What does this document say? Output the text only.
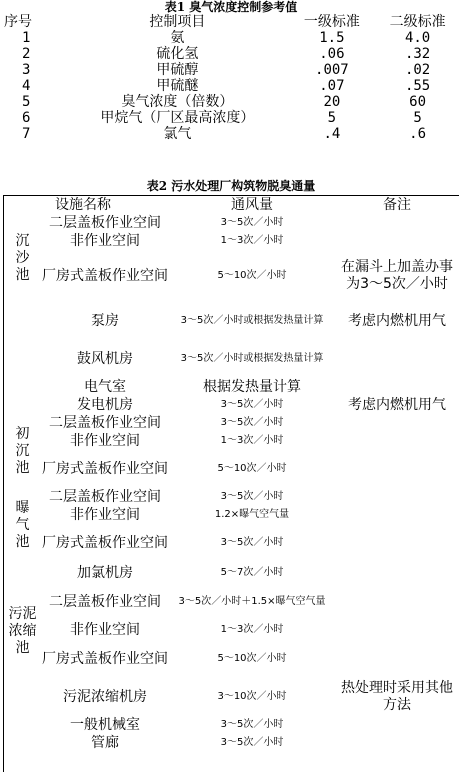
表1 臭气浓度控制参考值
序号	控制项目	一级标准	二级标准
1	氨	1.5	4.0
2	硫化氢	.06	.32
3	甲硫醇	.007	.02
4	甲硫醚	.07	.55
5	臭气浓度（倍数）	20	60
6	甲烷气（厂区最高浓度）	5	5
7	氯气	.4	.6
表2 污水处理厂构筑物脱臭通量
	设施名称	通风量	备注
沉
沙
池	二层盖板作业空间	3～5次／小时	
	非作业空间	1～3次／小时	
	厂房式盖板作业空间	5～10次／小时	在漏斗上加盖办事为3～5次／小时
	泵房	3～5次／小时或根据发热量计算	考虑内燃机用气
	鼓风机房	3～5次／小时或根据发热量计算	
	电气室	根据发热量计算	
	发电机房	3～5次／小时	考虑内燃机用气
初
沉
池	二层盖板作业空间	3～5次／小时	
	非作业空间	1～3次／小时	
	厂房式盖板作业空间	5～10次／小时	
曝
气
池	二层盖板作业空间	3～5次／小时	
	非作业空间	1.2×曝气空气量	
	厂房式盖板作业空间	3～5次／小时	
	加氯机房	5～7次／小时	
污泥
浓缩
池	二层盖板作业空间	3～5次／小时＋1.5×曝气空气量	
	非作业空间	1～3次／小时	
	厂房式盖板作业空间	5～10次／小时	
	污泥浓缩机房	3～10次／小时	热处理时采用其他方法
	一般机械室	3～5次／小时	
	管廊	3～5次／小时	
